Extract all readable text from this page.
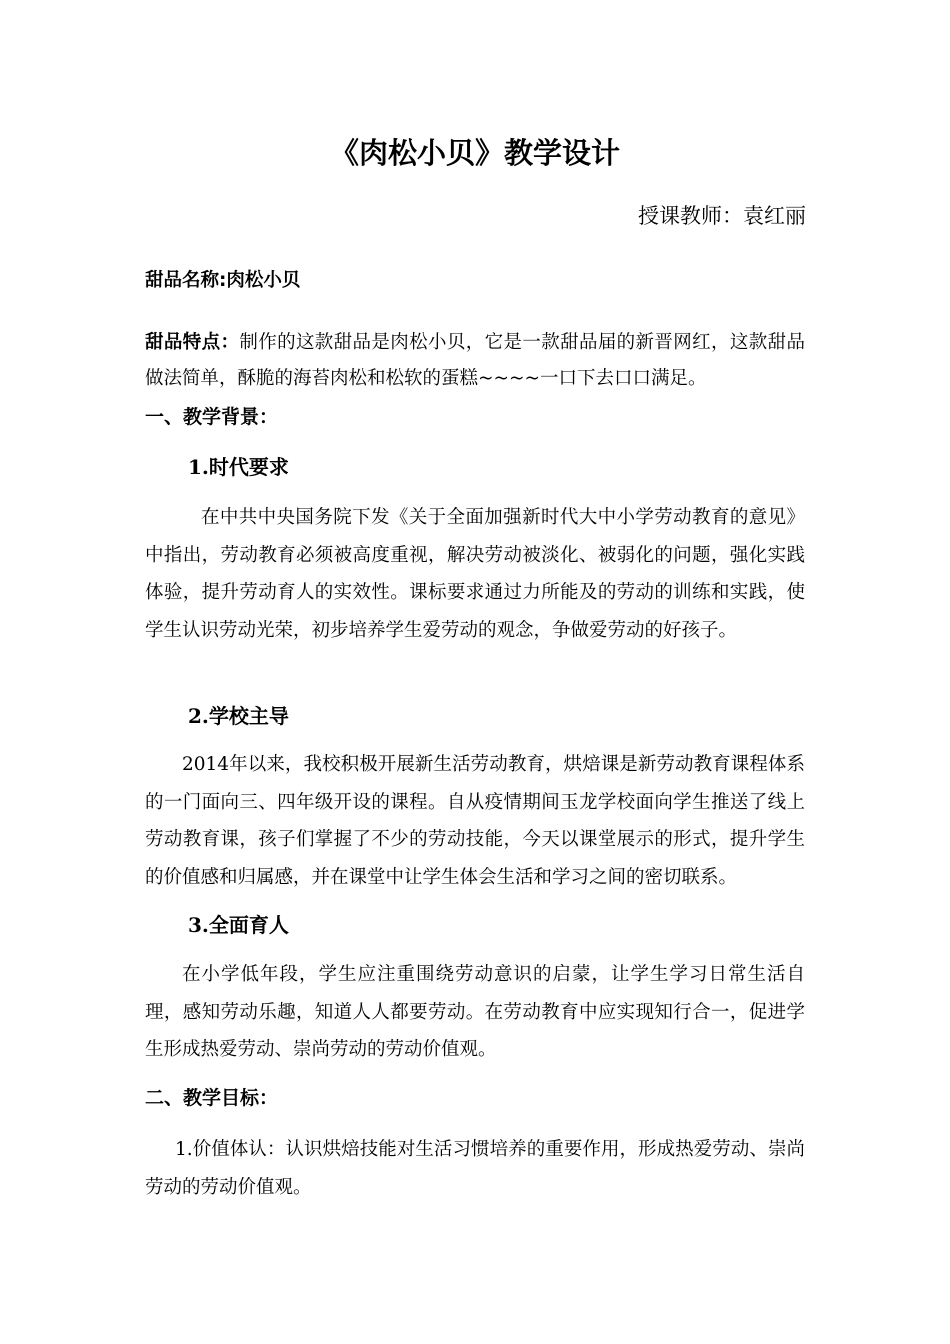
《肉松小贝》教学设计

授课教师：袁红丽

甜品名称:肉松小贝

甜品特点：制作的这款甜品是肉松小贝，它是一款甜品届的新晋网红，这款甜品做法简单，酥脆的海苔肉松和松软的蛋糕~~~~一口下去口口满足。

一、教学背景：
1.时代要求

在中共中央国务院下发《关于全面加强新时代大中小学劳动教育的意见》中指出，劳动教育必须被高度重视，解决劳动被淡化、被弱化的问题，强化实践体验，提升劳动育人的实效性。课标要求通过力所能及的劳动的训练和实践，使学生认识劳动光荣，初步培养学生爱劳动的观念，争做爱劳动的好孩子。

2.学校主导

2014年以来，我校积极开展新生活劳动教育，烘焙课是新劳动教育课程体系的一门面向三、四年级开设的课程。自从疫情期间玉龙学校面向学生推送了线上劳动教育课，孩子们掌握了不少的劳动技能，今天以课堂展示的形式，提升学生的价值感和归属感，并在课堂中让学生体会生活和学习之间的密切联系。

3.全面育人

在小学低年段，学生应注重围绕劳动意识的启蒙，让学生学习日常生活自理，感知劳动乐趣，知道人人都要劳动。在劳动教育中应实现知行合一，促进学生形成热爱劳动、崇尚劳动的劳动价值观。

二、教学目标：

1.价值体认：认识烘焙技能对生活习惯培养的重要作用，形成热爱劳动、崇尚劳动的劳动价值观。
